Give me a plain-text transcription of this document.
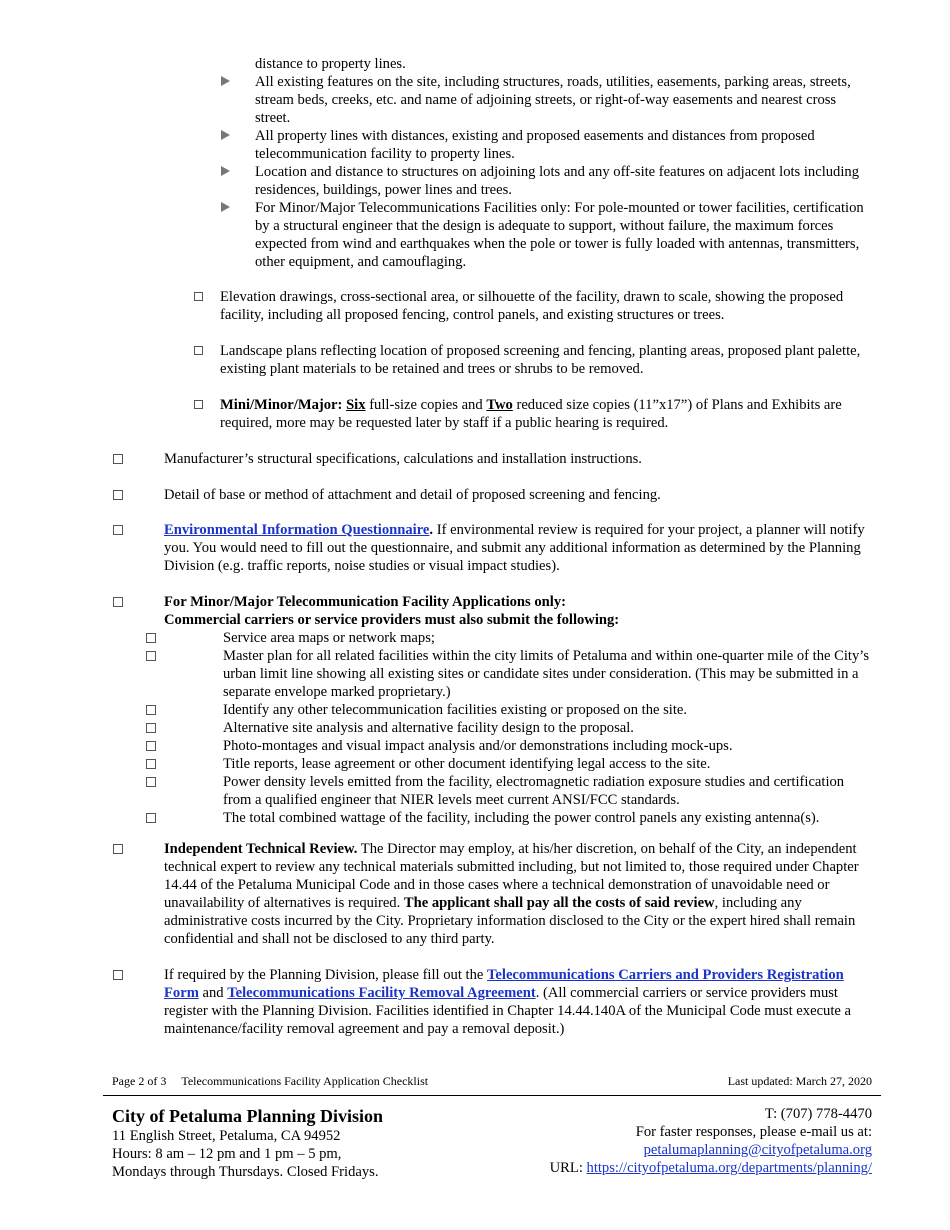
distance to property lines.

All existing features on the site, including structures, roads, utilities, easements, parking areas, streets, stream beds, creeks, etc. and name of adjoining streets, or right-of-way easements and nearest cross street.

All property lines with distances, existing and proposed easements and distances from proposed telecommunication facility to property lines.

Location and distance to structures on adjoining lots and any off-site features on adjacent lots including residences, buildings, power lines and trees.

For Minor/Major Telecommunications Facilities only: For pole-mounted or tower facilities, certification by a structural engineer that the design is adequate to support, without failure, the maximum forces expected from wind and earthquakes when the pole or tower is fully loaded with antennas, transmitters, other equipment, and camouflaging.

Elevation drawings, cross-sectional area, or silhouette of the facility, drawn to scale, showing the proposed facility, including all proposed fencing, control panels, and existing structures or trees.

Landscape plans reflecting location of proposed screening and fencing, planting areas, proposed plant palette, existing plant materials to be retained and trees or shrubs to be removed.

Mini/Minor/Major: Six full-size copies and Two reduced size copies (11”x17”) of Plans and Exhibits are required, more may be requested later by staff if a public hearing is required.

Manufacturer’s structural specifications, calculations and installation instructions.

Detail of base or method of attachment and detail of proposed screening and fencing.

Environmental Information Questionnaire. If environmental review is required for your project, a planner will notify you. You would need to fill out the questionnaire, and submit any additional information as determined by the Planning Division (e.g. traffic reports, noise studies or visual impact studies).

For Minor/Major Telecommunication Facility Applications only:

Commercial carriers or service providers must also submit the following:

Service area maps or network maps;

Master plan for all related facilities within the city limits of Petaluma and within one-quarter mile of the City’s urban limit line showing all existing sites or candidate sites under consideration. (This may be submitted in a separate envelope marked proprietary.)

Identify any other telecommunication facilities existing or proposed on the site.

Alternative site analysis and alternative facility design to the proposal.

Photo-montages and visual impact analysis and/or demonstrations including mock-ups.

Title reports, lease agreement or other document identifying legal access to the site.

Power density levels emitted from the facility, electromagnetic radiation exposure studies and certification from a qualified engineer that NIER levels meet current ANSI/FCC standards.

The total combined wattage of the facility, including the power control panels any existing antenna(s).

Independent Technical Review. The Director may employ, at his/her discretion, on behalf of the City, an independent technical expert to review any technical materials submitted including, but not limited to, those required under Chapter 14.44 of the Petaluma Municipal Code and in those cases where a technical demonstration of unavoidable need or unavailability of alternatives is required. The applicant shall pay all the costs of said review, including any administrative costs incurred by the City. Proprietary information disclosed to the City or the expert hired shall remain confidential and shall not be disclosed to any third party.

If required by the Planning Division, please fill out the Telecommunications Carriers and Providers Registration Form and Telecommunications Facility Removal Agreement. (All commercial carriers or service providers must register with the Planning Division. Facilities identified in Chapter 14.44.140A of the Municipal Code must execute a maintenance/facility removal agreement and pay a removal deposit.)

Page 2 of 3 Telecommunications Facility Application Checklist	Last updated: March 27, 2020
City of Petaluma Planning Division
11 English Street, Petaluma, CA 94952
Hours: 8 am – 12 pm and 1 pm – 5 pm,
Mondays through Thursdays. Closed Fridays.
T: (707) 778-4470
For faster responses, please e-mail us at:
petalumaplanning@cityofpetaluma.org
URL: https://cityofpetaluma.org/departments/planning/
